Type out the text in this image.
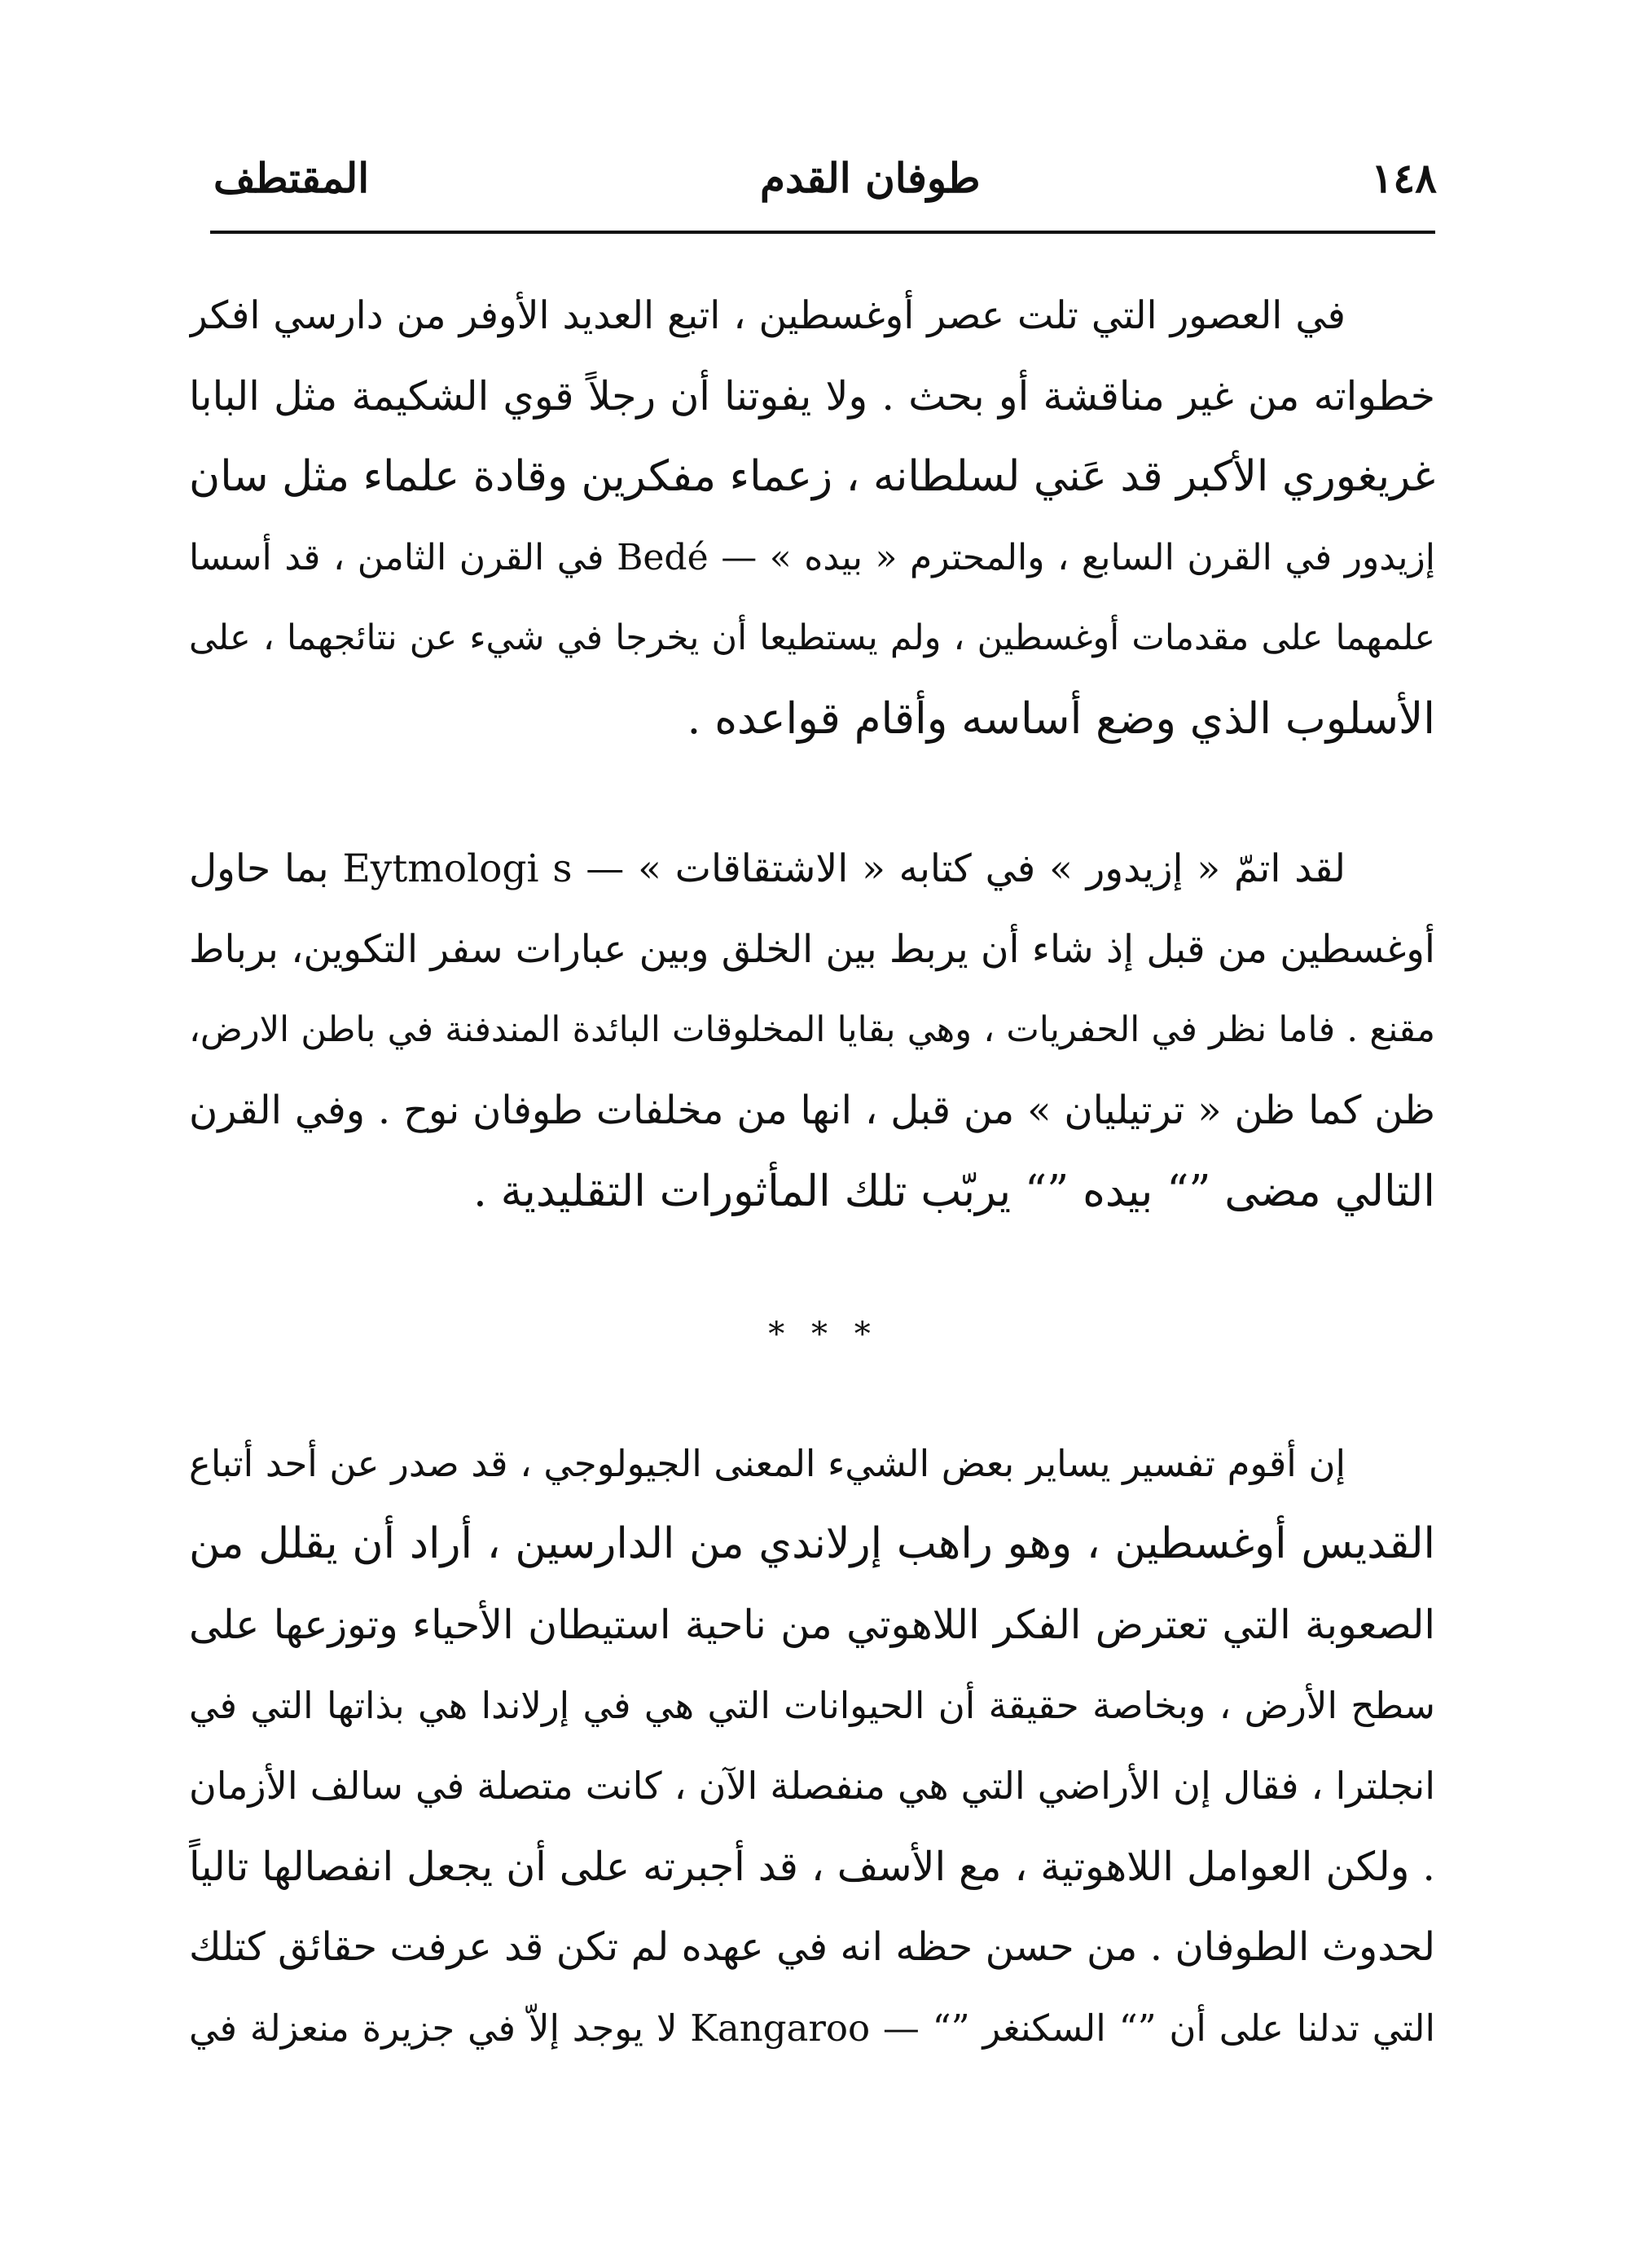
١٤٨
طوفان القدم
المقتطف
في العصور التي تلت عصر أوغسطين ، اتبع العديد الأوفر من دارسي افكر
خطواته من غير مناقشة أو بحث . ولا يفوتنا أن رجلاً قوي الشكيمة مثل البابا
غريغوري الأكبر قد عَني لسلطانه ، زعماء مفكرين وقادة علماء مثل سان
إزيدور في القرن السابع ، والمحترم « بيده » — Bedé في القرن الثامن ، قد أسسا
علمهما على مقدمات أوغسطين ، ولم يستطيعا أن يخرجا في شيء عن نتائجهما ، على
الأسلوب الذي وضع أساسه وأقام قواعده .
لقد اتمّ « إزيدور » في كتابه « الاشتقاقات » — Eytmologi s بما حاول
أوغسطين من قبل إذ شاء أن يربط بين الخلق وبين عبارات سفر التكوين، برباط
مقنع . فاما نظر في الحفريات ، وهي بقايا المخلوقات البائدة المندفنة في باطن الارض،
ظن كما ظن « ترتيليان » من قبل ، انها من مخلفات طوفان نوح . وفي القرن
التالي مضى ”“ بيده ”“ يربّب تلك المأثورات التقليدية .
* * *
إن أقوم تفسير يساير بعض الشيء المعنى الجيولوجي ، قد صدر عن أحد أتباع
القديس أوغسطين ، وهو راهب إرلاندي من الدارسين ، أراد أن يقلل من
الصعوبة التي تعترض الفكر اللاهوتي من ناحية استيطان الأحياء وتوزعها على
سطح الأرض ، وبخاصة حقيقة أن الحيوانات التي هي في إرلاندا هي بذاتها التي في
انجلترا ، فقال إن الأراضي التي هي منفصلة الآن ، كانت متصلة في سالف الأزمان
. ولكن العوامل اللاهوتية ، مع الأسف ، قد أجبرته على أن يجعل انفصالها تالياً
لحدوث الطوفان . من حسن حظه انه في عهده لم تكن قد عرفت حقائق كتلك
التي تدلنا على أن ”“ السكنغر ”“ — Kangaroo لا يوجد إلاّ في جزيرة منعزلة في
